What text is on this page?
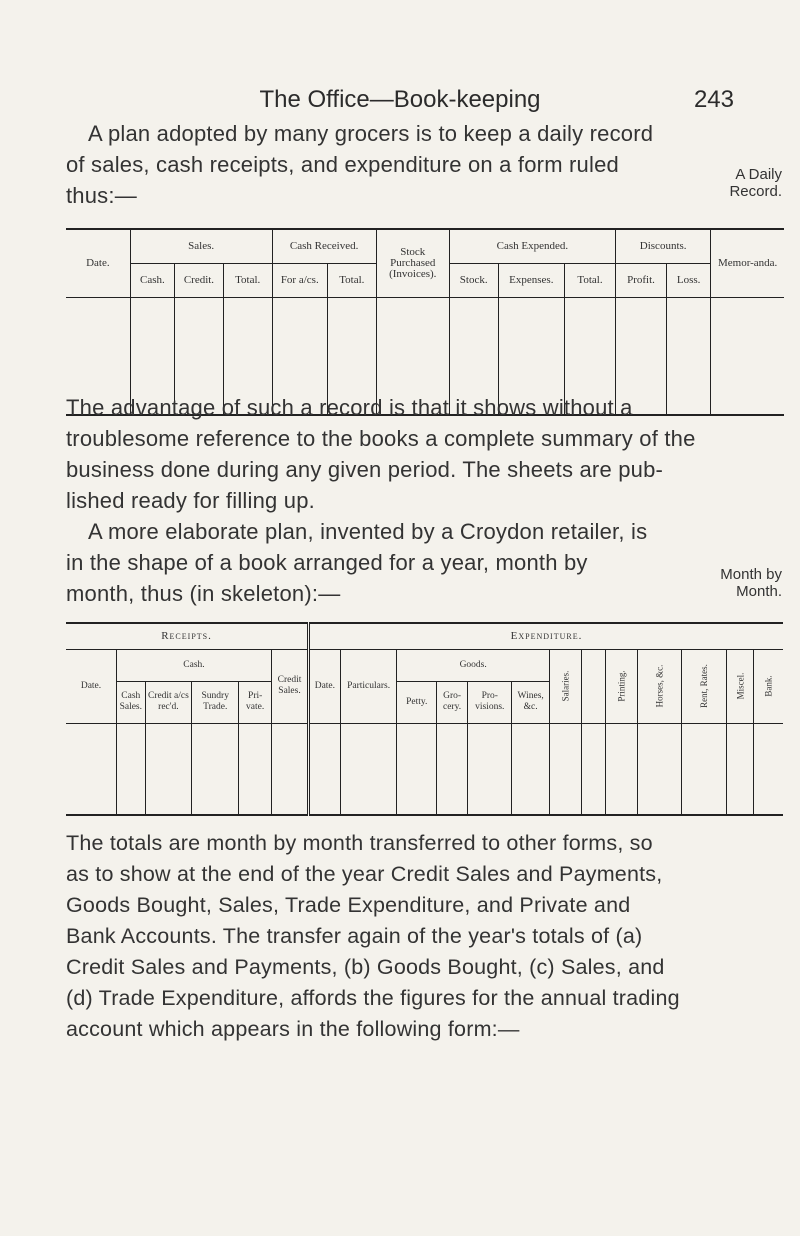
The Office—Book-keeping	243
A plan adopted by many grocers is to keep a daily record
of sales, cash receipts, and expenditure on a form ruled
thus:—
A Daily
Record.
Date.	Sales.			Cash Received.		Stock Purchased (Invoices).	Cash Expended.			Discounts.		Memor-anda.
	Cash.	Credit.	Total.	For a/cs.	Total.		Stock.	Expenses.	Total.	Profit.	Loss.	

The advantage of such a record is that it shows without a
troublesome reference to the books a complete summary of the
business done during any given period. The sheets are pub-
lished ready for filling up.
A more elaborate plan, invented by a Croydon retailer, is
in the shape of a book arranged for a year, month by
month, thus (in skeleton):—
Month by
Month.
Receipts.						Expenditure.												
Date.	Cash.				Credit Sales.	Date.	Particulars.	Goods.				Salaries.		Printing.	Horses, &c.	Rent, Rates.	Miscel.	Bank.
	Cash Sales.	Credit a/cs rec'd.	Sundry Trade.	Pri-vate.				Petty.	Gro-cery.	Pro-visions.	Wines, &c.							

The totals are month by month transferred to other forms, so
as to show at the end of the year Credit Sales and Payments,
Goods Bought, Sales, Trade Expenditure, and Private and
Bank Accounts. The transfer again of the year's totals of (a)
Credit Sales and Payments, (b) Goods Bought, (c) Sales, and
(d) Trade Expenditure, affords the figures for the annual trading
account which appears in the following form:—
